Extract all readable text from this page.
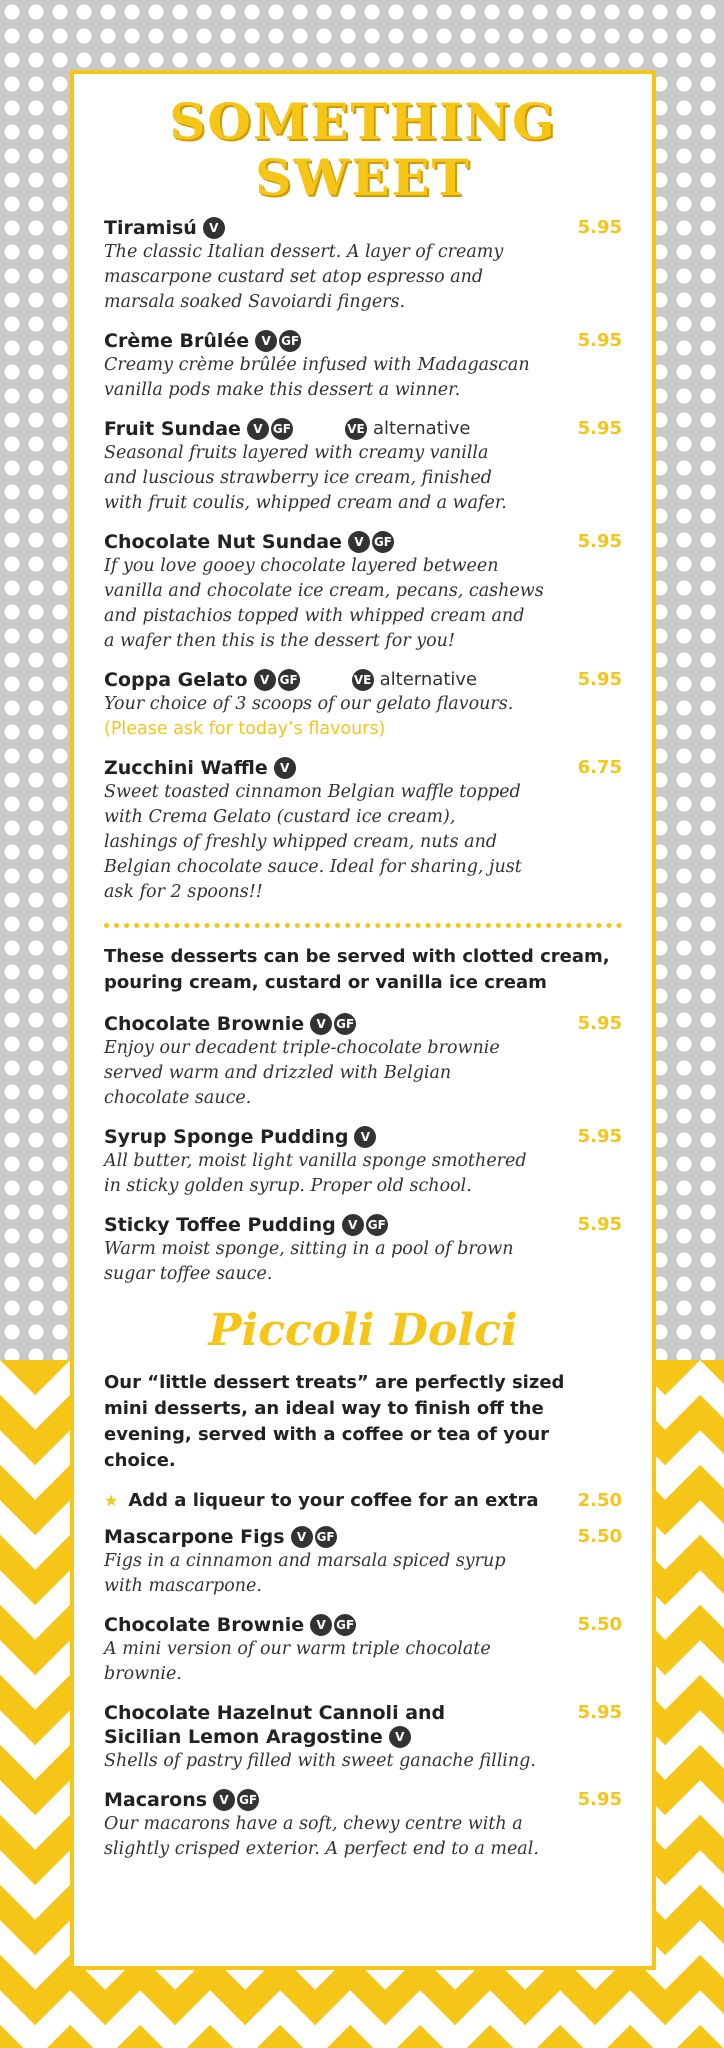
SOMETHING
SWEET
Tiramisú	V	5.95
The classic Italian dessert. A layer of creamy
mascarpone custard set atop espresso and
marsala soaked Savoiardi fingers.
Crème Brûlée	V GF	5.95
Creamy crème brûlée infused with Madagascan
vanilla pods make this dessert a winner.
Fruit Sundae	V GF	VE alternative	5.95
Seasonal fruits layered with creamy vanilla
and luscious strawberry ice cream, finished
with fruit coulis, whipped cream and a wafer.
Chocolate Nut Sundae	V GF	5.95
If you love gooey chocolate layered between
vanilla and chocolate ice cream, pecans, cashews
and pistachios topped with whipped cream and
a wafer then this is the dessert for you!
Coppa Gelato	V GF	VE alternative	5.95
Your choice of 3 scoops of our gelato flavours.
(Please ask for today’s flavours)
Zucchini Waffle	V	6.75
Sweet toasted cinnamon Belgian waffle topped
with Crema Gelato (custard ice cream),
lashings of freshly whipped cream, nuts and
Belgian chocolate sauce. Ideal for sharing, just
ask for 2 spoons!!
These desserts can be served with clotted cream,
pouring cream, custard or vanilla ice cream
Chocolate Brownie	V GF	5.95
Enjoy our decadent triple-chocolate brownie
served warm and drizzled with Belgian
chocolate sauce.
Syrup Sponge Pudding	V	5.95
All butter, moist light vanilla sponge smothered
in sticky golden syrup. Proper old school.
Sticky Toffee Pudding	V GF	5.95
Warm moist sponge, sitting in a pool of brown
sugar toffee sauce.
Piccoli Dolci
Our “little dessert treats” are perfectly sized
mini desserts, an ideal way to finish off the
evening, served with a coffee or tea of your
choice.
★ Add a liqueur to your coffee for an extra 2.50
Mascarpone Figs	V GF	5.50
Figs in a cinnamon and marsala spiced syrup
with mascarpone.
Chocolate Brownie	V GF	5.50
A mini version of our warm triple chocolate
brownie.
Chocolate Hazelnut Cannoli and
Sicilian Lemon Aragostine	V
5.95
Shells of pastry filled with sweet ganache filling.
Macarons	V GF	5.95
Our macarons have a soft, chewy centre with a
slightly crisped exterior. A perfect end to a meal.
